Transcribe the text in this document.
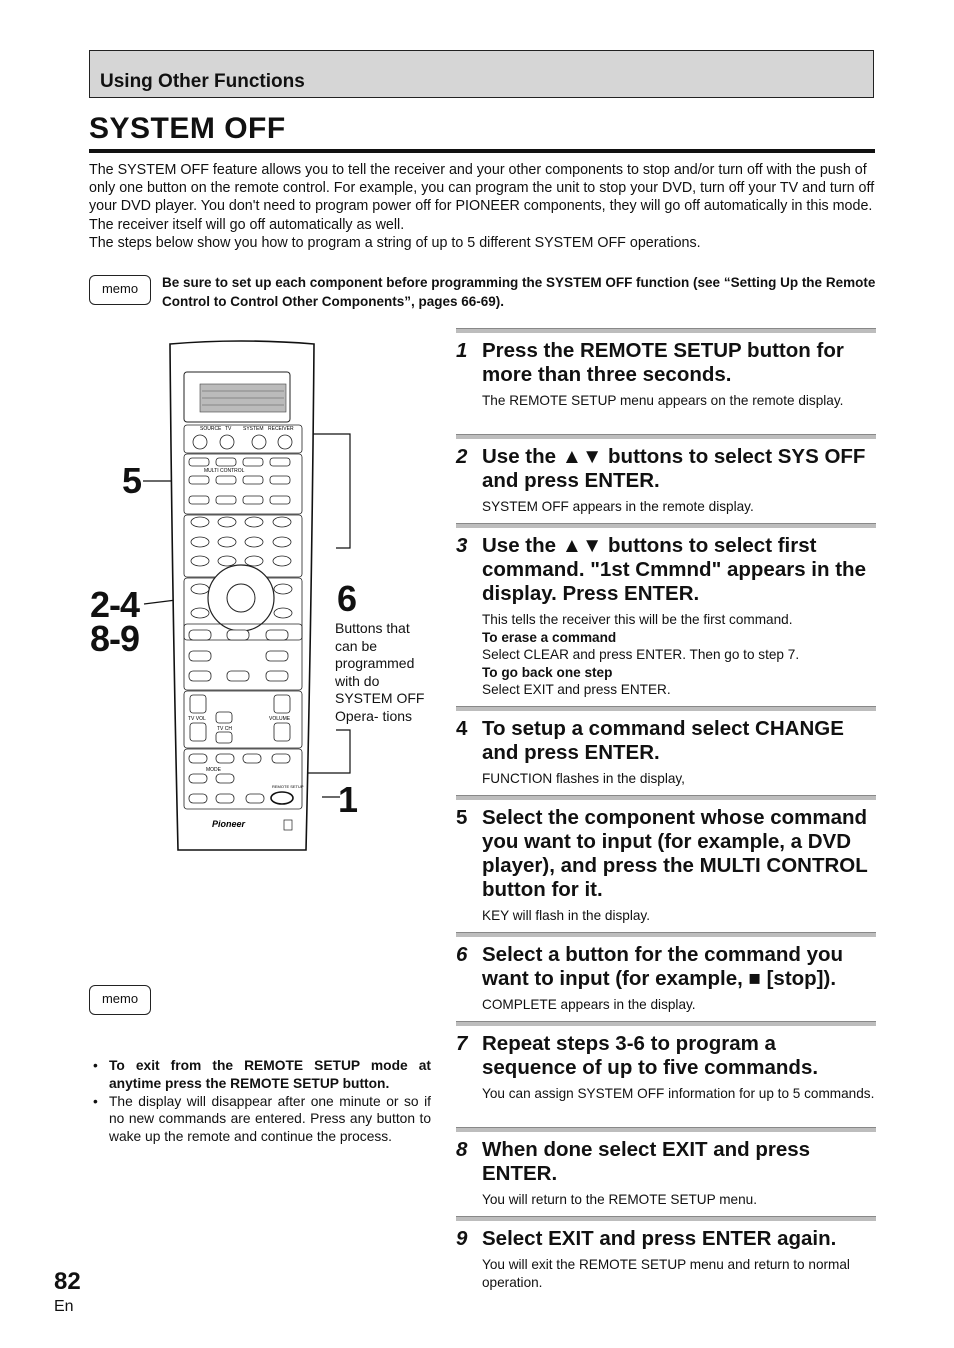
Using Other Functions
SYSTEM OFF

The SYSTEM OFF feature allows you to tell the receiver and your other components to stop and/or turn off with the push of only one button on the remote control. For example, you can program the unit to stop your DVD, turn off your TV and turn off your DVD player. You don't need to program power off for PIONEER components, they will go off automatically in this mode. The receiver itself will go off automatically as well.

The steps below show you how to program a string of up to 5 different SYSTEM OFF operations.

memo	Be sure to set up each component before programming the SYSTEM OFF function (see “Setting Up the Remote Control to Control Other Components”, pages 66-69).
5
2-4
8-9
6
1
SOURCE TV SYSTEM RECEIVER
MULTI CONTROL
TV VOL
TV CH
VOLUME
MODE
REMOTE SETUP
Pioneer
Buttons that can be programmed with do SYSTEM OFF Opera- tions
memo
• To exit from the REMOTE SETUP mode at anytime press the REMOTE SETUP button.
• The display will disappear after one minute or so if no new commands are entered. Press any button to wake up the remote and continue the process.
1 Press the REMOTE SETUP button for more than three seconds.
The REMOTE SETUP menu appears on the remote display.
2 Use the ▲▼ buttons to select SYS OFF and press ENTER.
SYSTEM OFF appears in the remote display.
3 Use the ▲▼ buttons to select first command. "1st Cmmnd" appears in the display. Press ENTER.
This tells the receiver this will be the first command.
To erase a command
Select CLEAR and press ENTER. Then go to step 7.
To go back one step
Select EXIT and press ENTER.
4 To setup a command select CHANGE and press ENTER.
FUNCTION flashes in the display,
5 Select the component whose command you want to input (for example, a DVD player), and press the MULTI CONTROL button for it.
KEY will flash in the display.
6 Select a button for the command you want to input (for example, ■ [stop]).
COMPLETE appears in the display.
7 Repeat steps 3-6 to program a sequence of up to five commands.
You can assign SYSTEM OFF information for up to 5 commands.
8 When done select EXIT and press ENTER.
You will return to the REMOTE SETUP menu.
9 Select EXIT and press ENTER again.
You will exit the REMOTE SETUP menu and return to normal operation.
82
En
